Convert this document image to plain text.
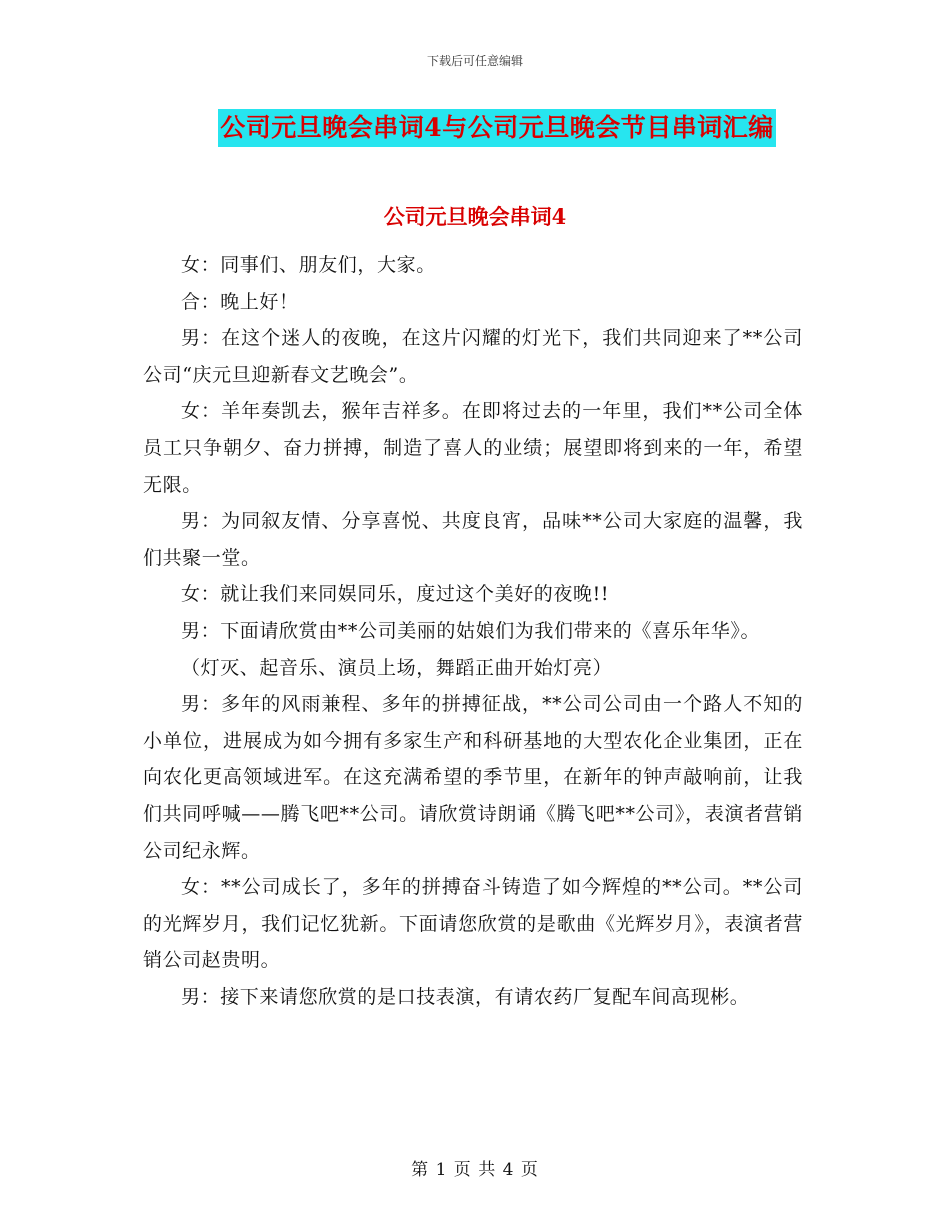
下载后可任意编辑
公司元旦晚会串词4与公司元旦晚会节目串词汇编
公司元旦晚会串词4

女：同事们、朋友们，大家。

合：晚上好！

男：在这个迷人的夜晚，在这片闪耀的灯光下，我们共同迎来了**公司公司“庆元旦迎新春文艺晚会”。

女：羊年奏凯去，猴年吉祥多。在即将过去的一年里，我们**公司全体员工只争朝夕、奋力拼搏，制造了喜人的业绩；展望即将到来的一年，希望无限。

男：为同叙友情、分享喜悦、共度良宵，品味**公司大家庭的温馨，我们共聚一堂。

女：就让我们来同娱同乐，度过这个美好的夜晚!!

男：下面请欣赏由**公司美丽的姑娘们为我们带来的《喜乐年华》。

（灯灭、起音乐、演员上场，舞蹈正曲开始灯亮）

男：多年的风雨兼程、多年的拼搏征战，**公司公司由一个路人不知的小单位，进展成为如今拥有多家生产和科研基地的大型农化企业集团，正在向农化更高领域进军。在这充满希望的季节里，在新年的钟声敲响前，让我们共同呼喊——腾飞吧**公司。请欣赏诗朗诵《腾飞吧**公司》，表演者营销公司纪永辉。

女：**公司成长了，多年的拼搏奋斗铸造了如今辉煌的**公司。**公司的光辉岁月，我们记忆犹新。下面请您欣赏的是歌曲《光辉岁月》，表演者营销公司赵贵明。

男：接下来请您欣赏的是口技表演，有请农药厂复配车间高现彬。

第 1 页 共 4 页
